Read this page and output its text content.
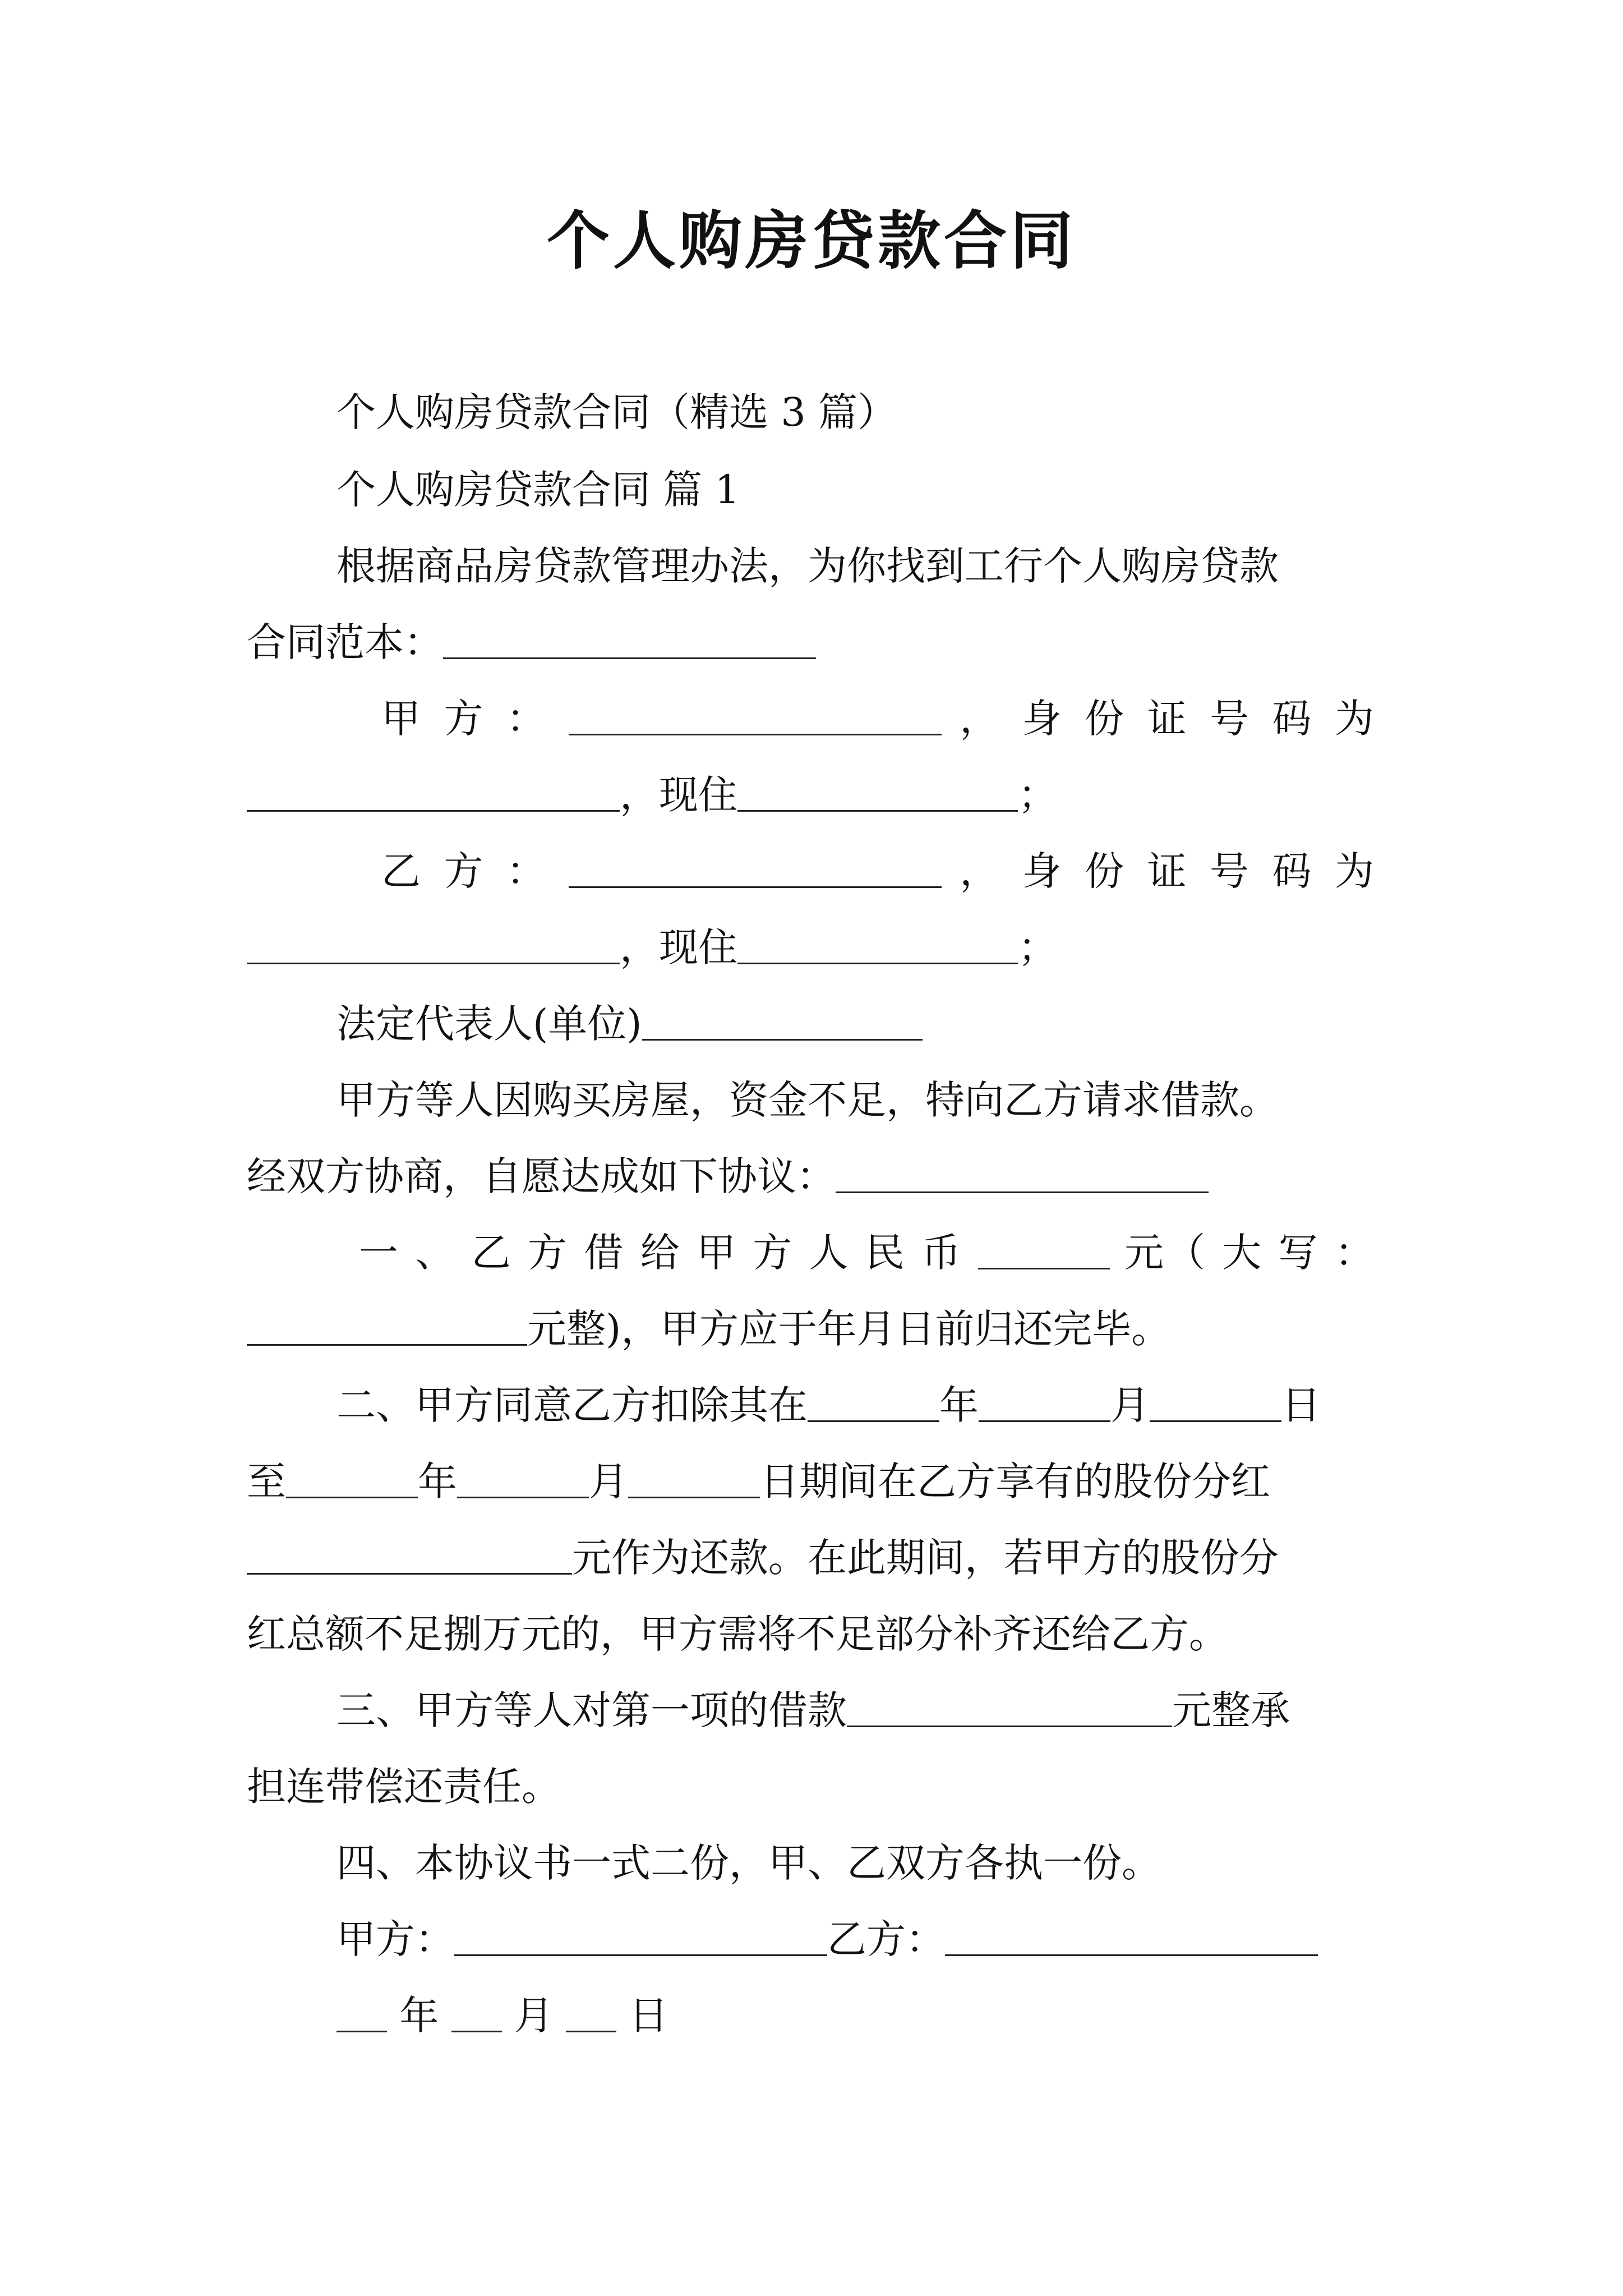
个人购房贷款合同
个人购房贷款合同（精选 3 篇）
个人购房贷款合同 篇 1
根据商品房贷款管理办法，为你找到工行个人购房贷款
合同范本：
甲 方 ：	， 身 份 证 号 码 为
，现住	；
乙 方 ：	， 身 份 证 号 码 为
，现住	；
法定代表人(单位)
甲方等人因购买房屋，资金不足，特向乙方请求借款。
经双方协商，自愿达成如下协议：
一 、 乙 方 借 给 甲 方 人 民 币	元（ 大 写 ：
元整)，甲方应于年月日前归还完毕。
二、甲方同意乙方扣除其在	年	月	日
至	年	月	日期间在乙方享有的股份分红
元作为还款。在此期间，若甲方的股份分
红总额不足捌万元的，甲方需将不足部分补齐还给乙方。
三、甲方等人对第一项的借款	元整承
担连带偿还责任。
四、本协议书一式二份，甲、乙双方各执一份。
甲方：	乙方：
年 月 日
